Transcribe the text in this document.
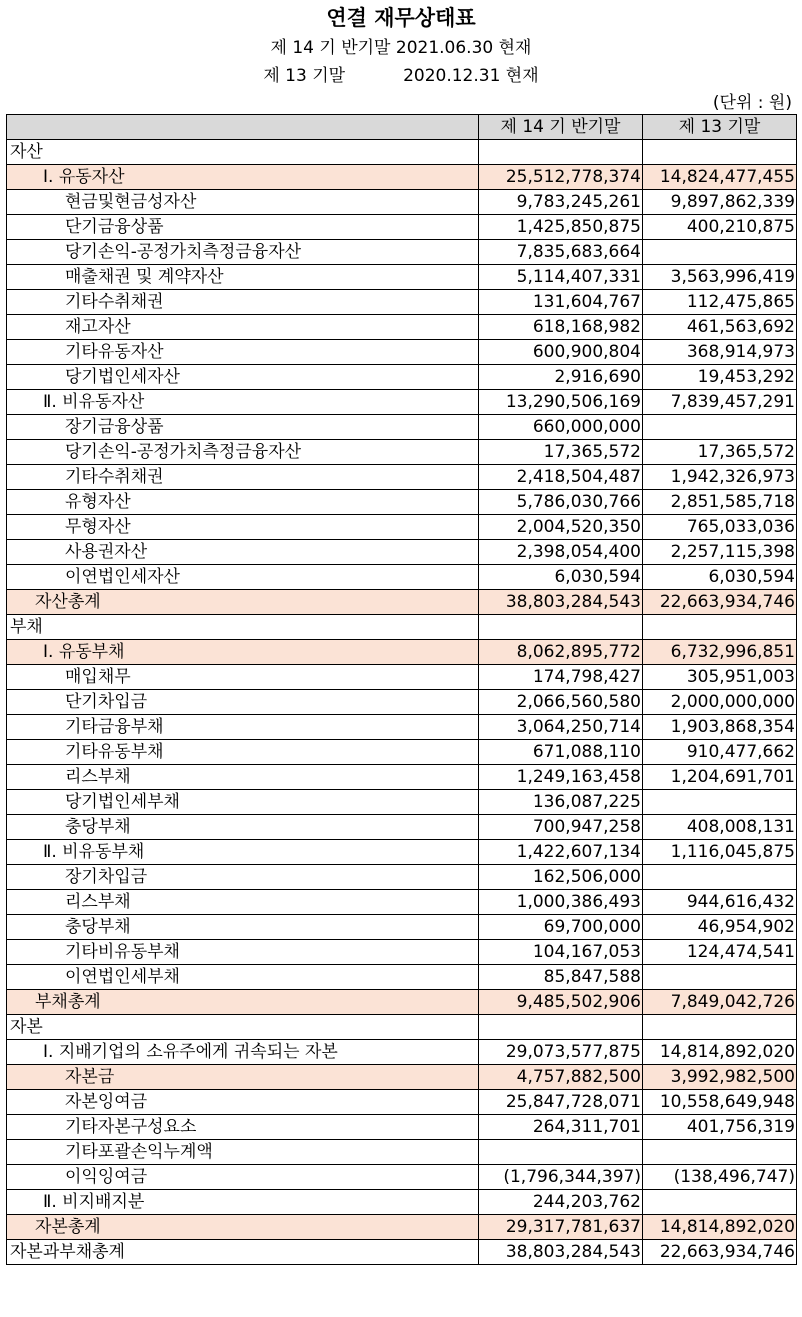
연결 재무상태표
제 14 기 반기말 2021.06.30 현재
제 13 기말	2020.12.31 현재
(단위 : 원)
	제 14 기 반기말	제 13 기말
자산		
Ⅰ. 유동자산	25,512,778,374	14,824,477,455
현금및현금성자산	9,783,245,261	9,897,862,339
단기금융상품	1,425,850,875	400,210,875
당기손익-공정가치측정금융자산	7,835,683,664	
매출채권 및 계약자산	5,114,407,331	3,563,996,419
기타수취채권	131,604,767	112,475,865
재고자산	618,168,982	461,563,692
기타유동자산	600,900,804	368,914,973
당기법인세자산	2,916,690	19,453,292
Ⅱ. 비유동자산	13,290,506,169	7,839,457,291
장기금융상품	660,000,000	
당기손익-공정가치측정금융자산	17,365,572	17,365,572
기타수취채권	2,418,504,487	1,942,326,973
유형자산	5,786,030,766	2,851,585,718
무형자산	2,004,520,350	765,033,036
사용권자산	2,398,054,400	2,257,115,398
이연법인세자산	6,030,594	6,030,594
자산총계	38,803,284,543	22,663,934,746
부채		
Ⅰ. 유동부채	8,062,895,772	6,732,996,851
매입채무	174,798,427	305,951,003
단기차입금	2,066,560,580	2,000,000,000
기타금융부채	3,064,250,714	1,903,868,354
기타유동부채	671,088,110	910,477,662
리스부채	1,249,163,458	1,204,691,701
당기법인세부채	136,087,225	
충당부채	700,947,258	408,008,131
Ⅱ. 비유동부채	1,422,607,134	1,116,045,875
장기차입금	162,506,000	
리스부채	1,000,386,493	944,616,432
충당부채	69,700,000	46,954,902
기타비유동부채	104,167,053	124,474,541
이연법인세부채	85,847,588	
부채총계	9,485,502,906	7,849,042,726
자본		
Ⅰ. 지배기업의 소유주에게 귀속되는 자본	29,073,577,875	14,814,892,020
자본금	4,757,882,500	3,992,982,500
자본잉여금	25,847,728,071	10,558,649,948
기타자본구성요소	264,311,701	401,756,319
기타포괄손익누계액		
이익잉여금	(1,796,344,397)	(138,496,747)
Ⅱ. 비지배지분	244,203,762	
자본총계	29,317,781,637	14,814,892,020
자본과부채총계	38,803,284,543	22,663,934,746
